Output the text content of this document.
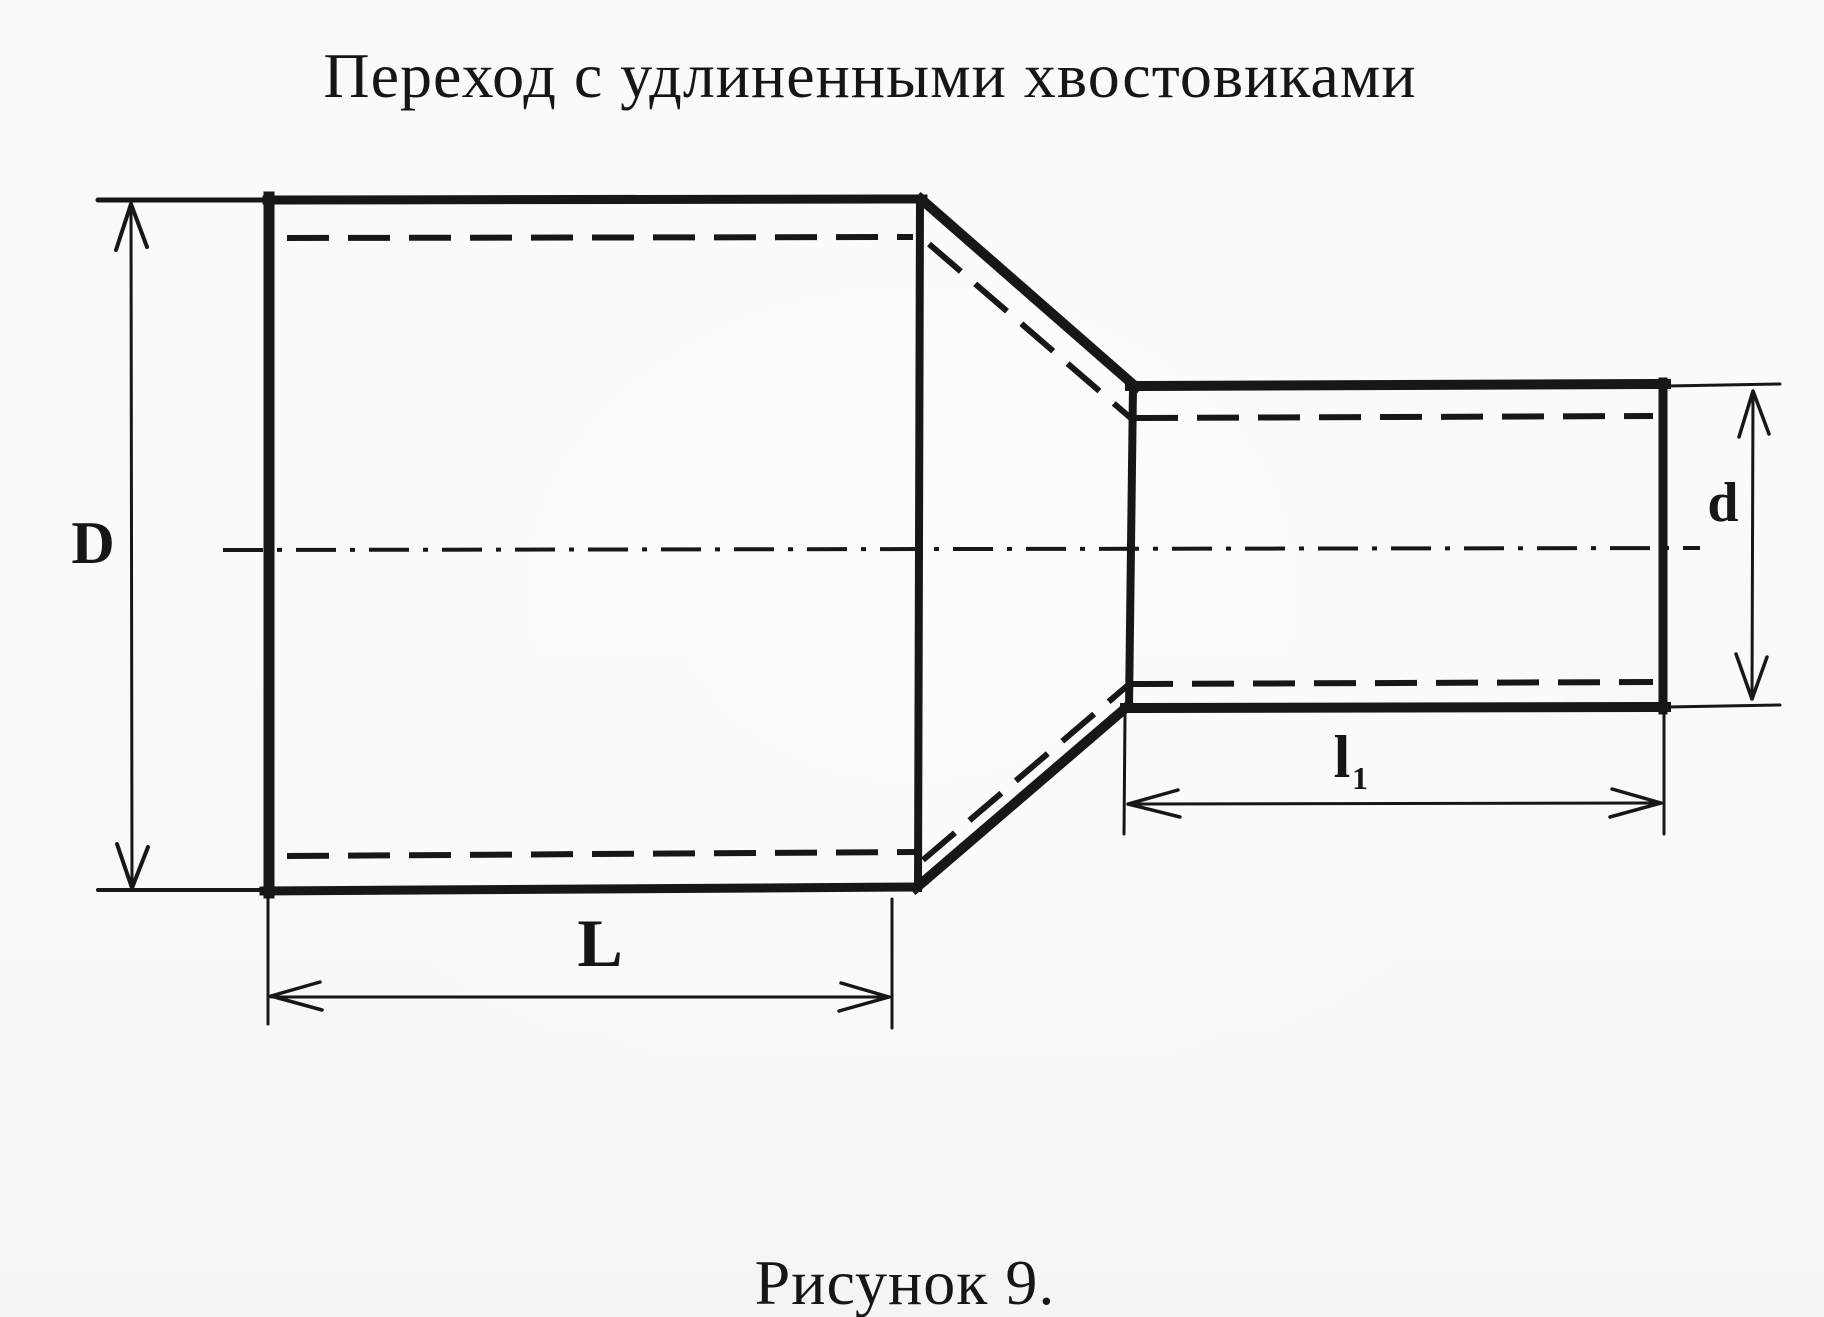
Переход с удлиненными хвостовиками
D
d
L
l 1
Рисунок 9.
